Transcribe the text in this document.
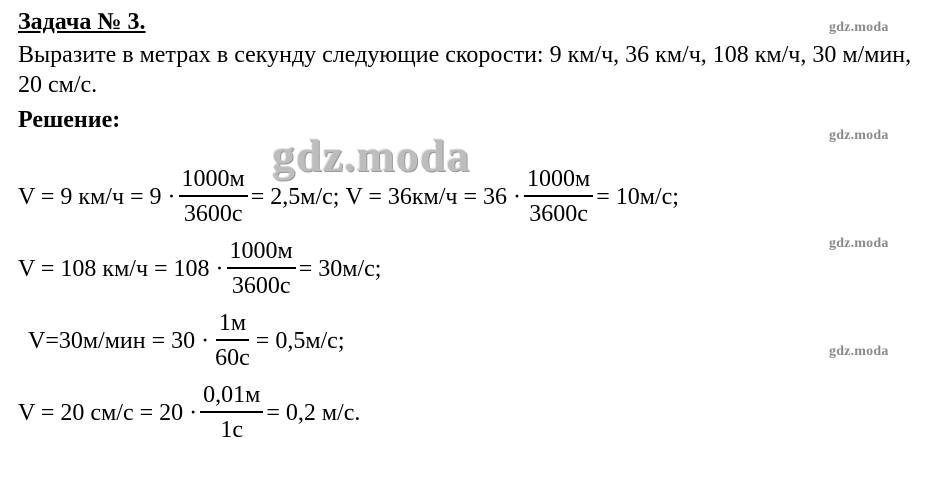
Задача № 3.
Выразите в метрах в секунду следующие скорости: 9 км/ч, 36 км/ч, 108 км/ч, 30 м/мин, 20 см/с.
Решение:
gdz.moda
gdz.moda
gdz.moda
gdz.moda
gdz.moda
V = 9 $км/ч = 9 \cdot \frac{1000м}{3600с} = 2,5м/с$; $V = 36км/ч = 36 \cdot \frac{1000м}{3600с} = 10м/с$;
V = 108 $км/ч = 108 \cdot \frac{1000м}{3600с} = 30м/с$;
$V=30м/мин = 30 \cdot \frac{1м}{60с} = 0,5м/с$;
V = 20 $см/с = 20 \cdot \frac{0,01м}{1с} = 0,2$ м/с.
